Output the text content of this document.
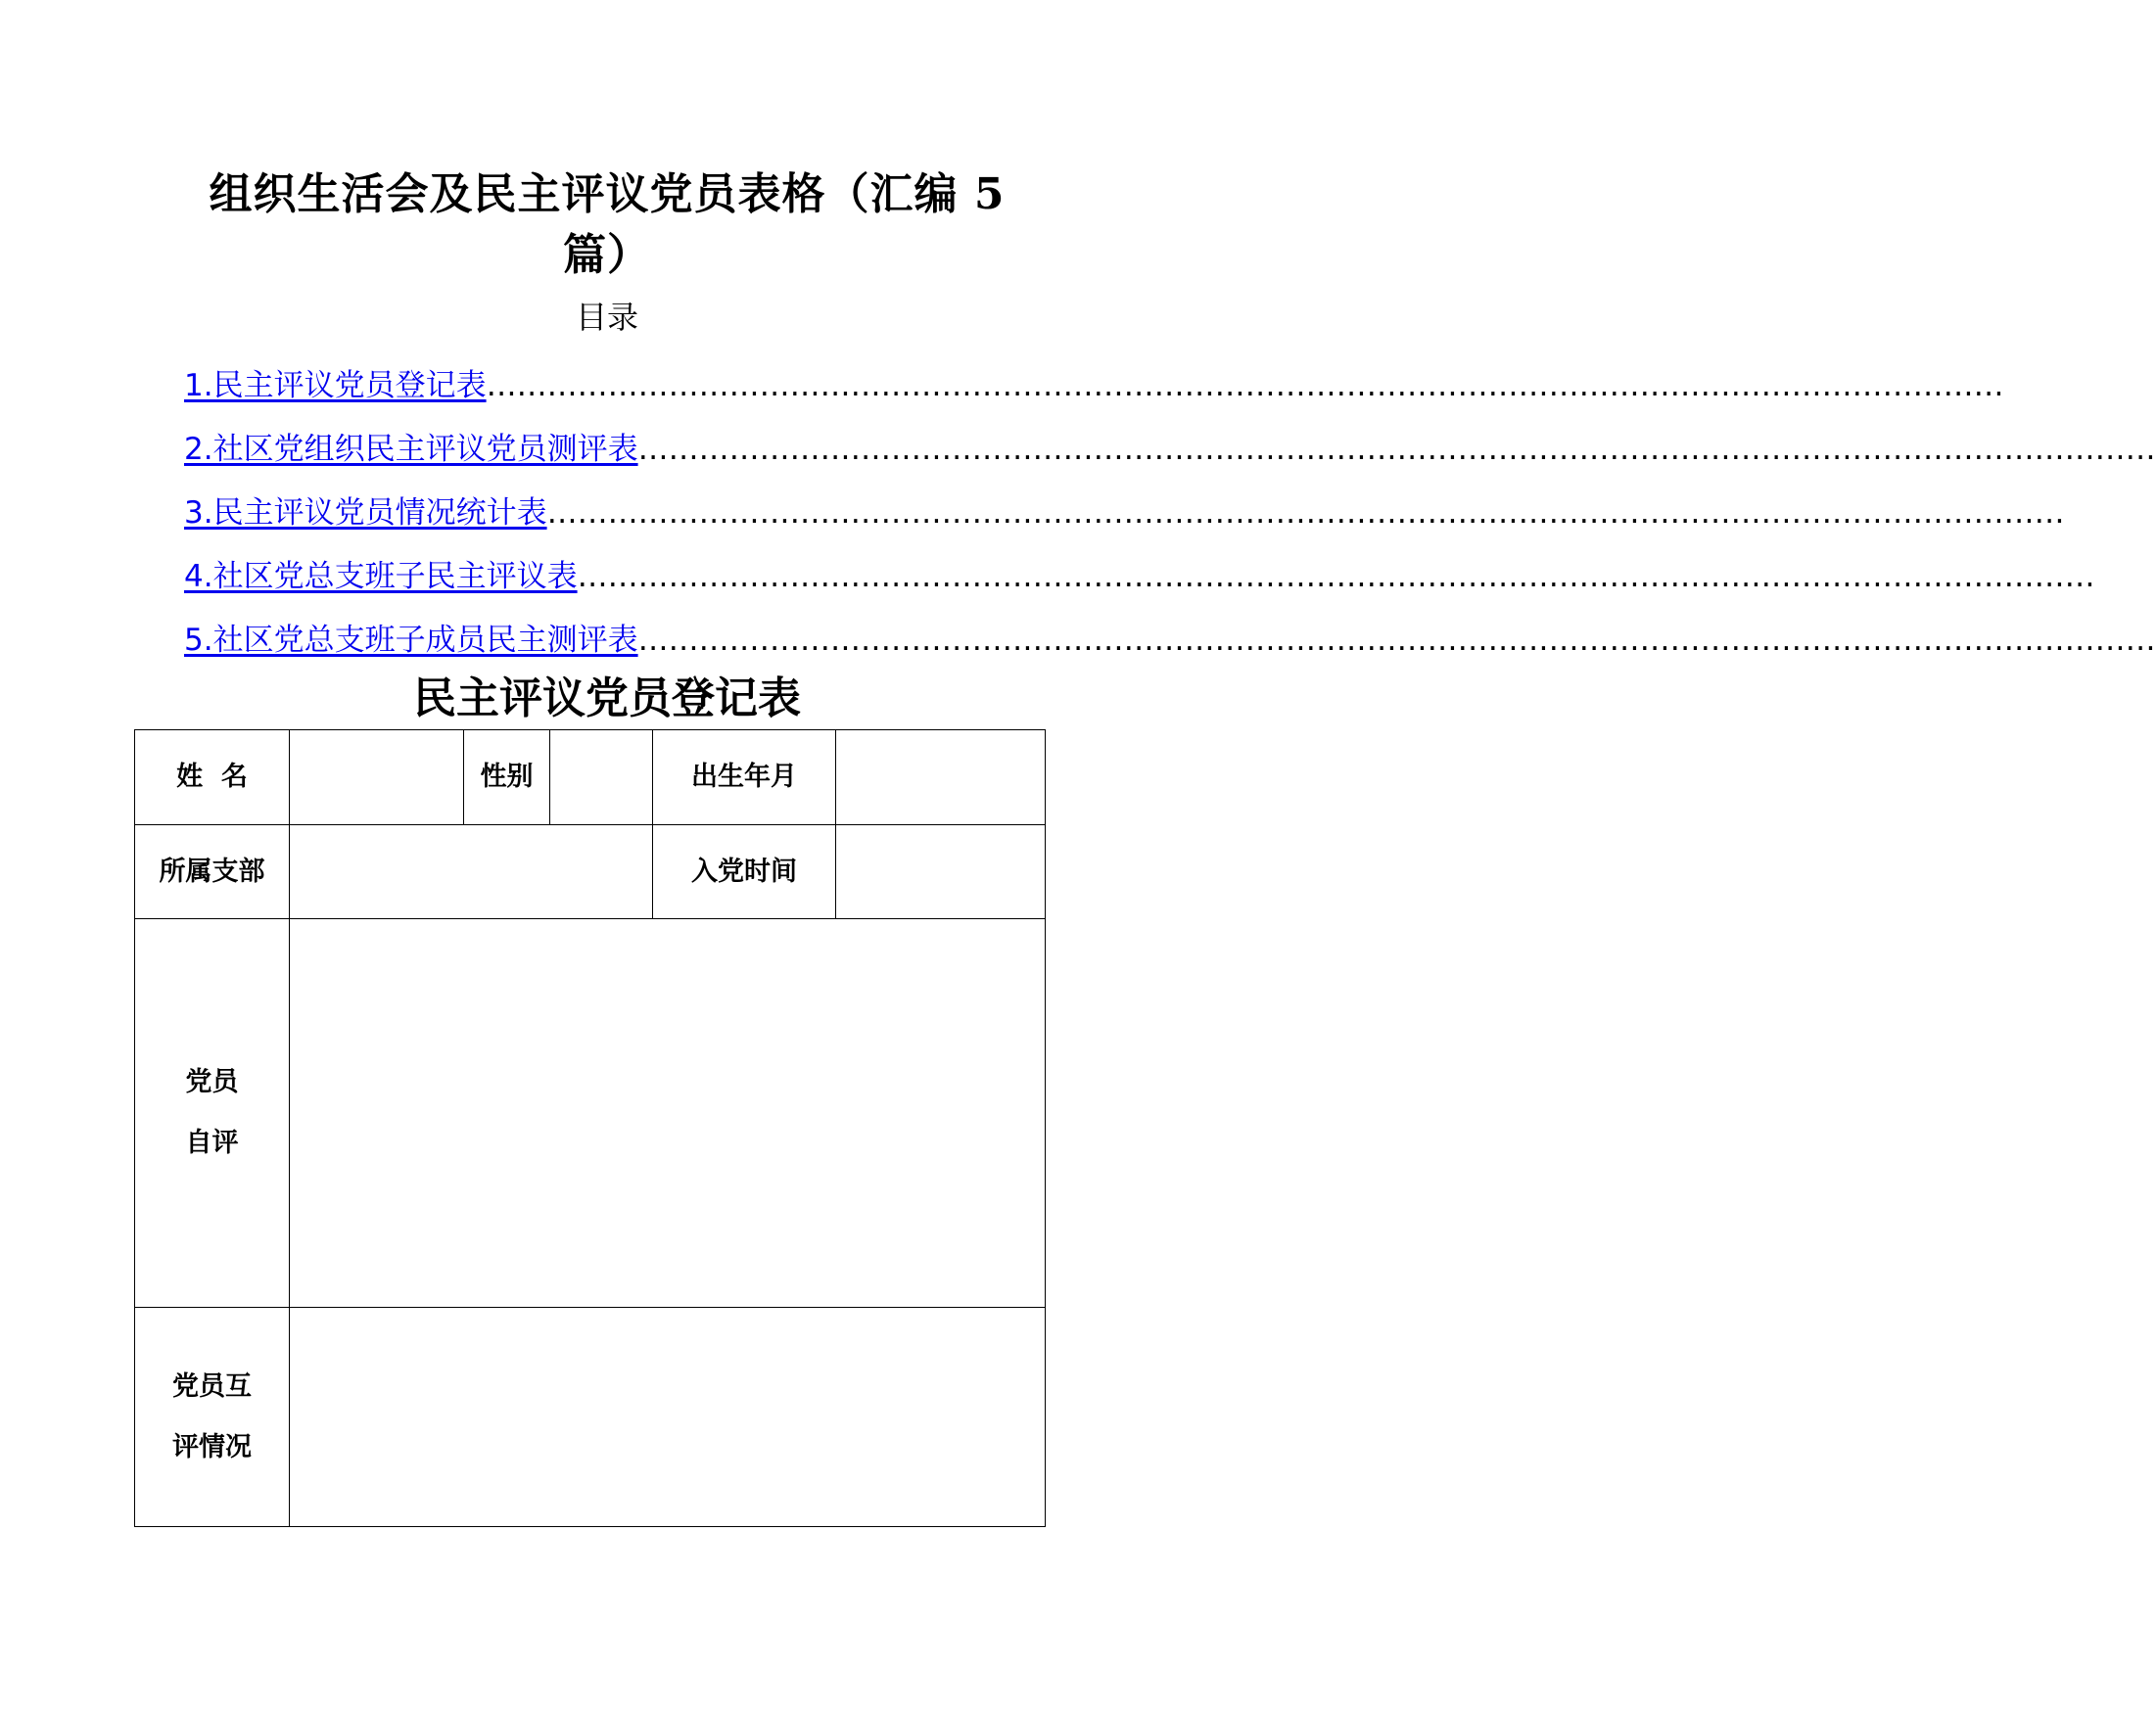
组织生活会及民主评议党员表格（汇编 5
篇）
目录
1.民主评议党员登记表 ……………………………………………………………………………………………………………………………………
2.社区党组织民主评议党员测评表 ……………………………………………………………………………………………………………………………………
3.民主评议党员情况统计表 ……………………………………………………………………………………………………………………………………
4.社区党总支班子民主评议表 ……………………………………………………………………………………………………………………………………
5.社区党总支班子成员民主测评表 ……………………………………………………………………………………………………………………………………
民主评议党员登记表
姓  名		性别		出生年月	
所属支部				入党时间	

党员
自评					

党员互
评情况					
